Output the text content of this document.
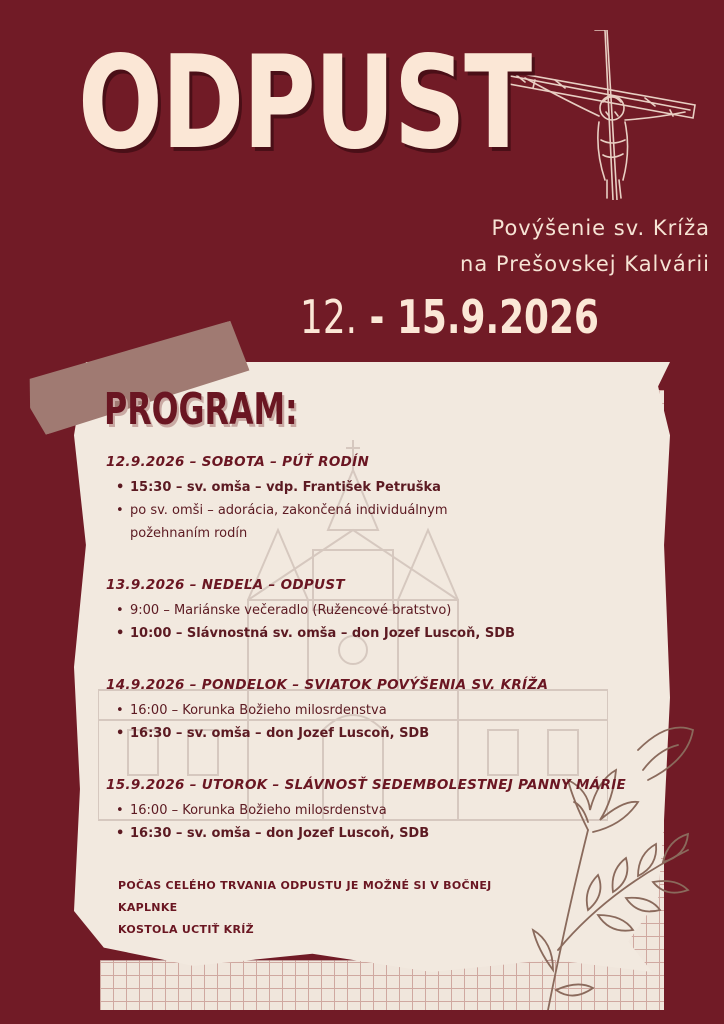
ODPUST
Povýšenie sv. Kríža
na Prešovskej Kalvárii
12. - 15.9.2026
PROGRAM:
12.9.2026 – SOBOTA – PÚŤ RODÍN
• 15:30 – sv. omša – vdp. František Petruška
• po sv. omši – adorácia, zakončená individuálnym požehnaním rodín
13.9.2026 – NEDEĽA – ODPUST
• 9:00 – Mariánske večeradlo (Ružencové bratstvo)
• 10:00 – Slávnostná sv. omša – don Jozef Luscoň, SDB
14.9.2026 – PONDELOK – SVIATOK POVÝŠENIA SV. KRÍŽA
• 16:00 – Korunka Božieho milosrdenstva
• 16:30 – sv. omša – don Jozef Luscoň, SDB
15.9.2026 – UTOROK – SLÁVNOSŤ SEDEMBOLESTNEJ PANNY MÁRIE
• 16:00 – Korunka Božieho milosrdenstva
• 16:30 – sv. omša – don Jozef Luscoň, SDB
POČAS CELÉHO TRVANIA ODPUSTU JE MOŽNÉ SI V BOČNEJ KAPLNKE
KOSTOLA UCTIŤ KRÍŽ
